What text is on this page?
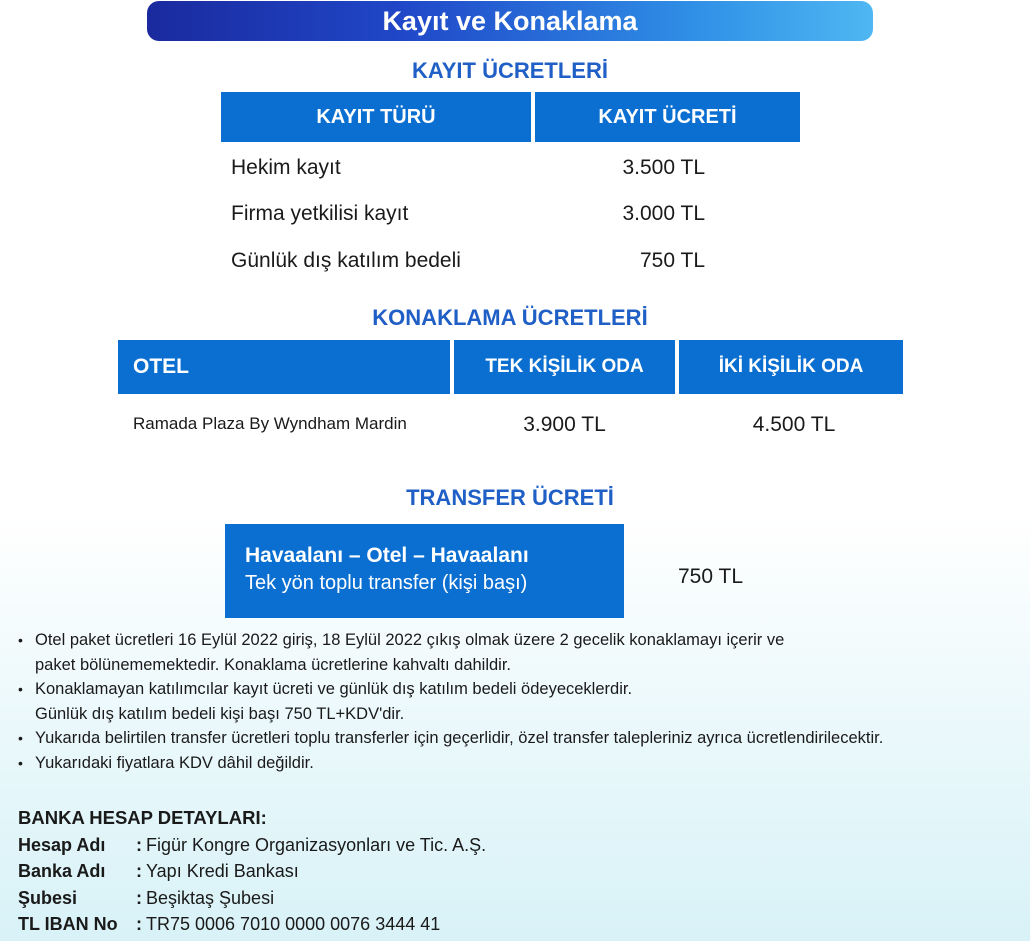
Kayıt ve Konaklama
KAYIT ÜCRETLERİ
KAYIT TÜRÜ	KAYIT ÜCRETİ
Hekim kayıt	3.500 TL
Firma yetkilisi kayıt	3.000 TL
Günlük dış katılım bedeli	750 TL
KONAKLAMA ÜCRETLERİ
OTEL	TEK KİŞİLİK ODA	İKİ KİŞİLİK ODA
Ramada Plaza By Wyndham Mardin	3.900 TL	4.500 TL
TRANSFER ÜCRETİ
Havaalanı – Otel – Havaalanı
Tek yön toplu transfer (kişi başı)	750 TL
• Otel paket ücretleri 16 Eylül 2022 giriş, 18 Eylül 2022 çıkış olmak üzere 2 gecelik konaklamayı içerir ve
paket bölünememektedir. Konaklama ücretlerine kahvaltı dahildir.
• Konaklamayan katılımcılar kayıt ücreti ve günlük dış katılım bedeli ödeyeceklerdir.
Günlük dış katılım bedeli kişi başı 750 TL+KDV'dir.
• Yukarıda belirtilen transfer ücretleri toplu transferler için geçerlidir, özel transfer talepleriniz ayrıca ücretlendirilecektir.
• Yukarıdaki fiyatlara KDV dâhil değildir.
BANKA HESAP DETAYLARI:
Hesap Adı	: Figür Kongre Organizasyonları ve Tic. A.Ş.
Banka Adı	: Yapı Kredi Bankası
Şubesi	: Beşiktaş Şubesi
TL IBAN No	: TR75 0006 7010 0000 0076 3444 41
